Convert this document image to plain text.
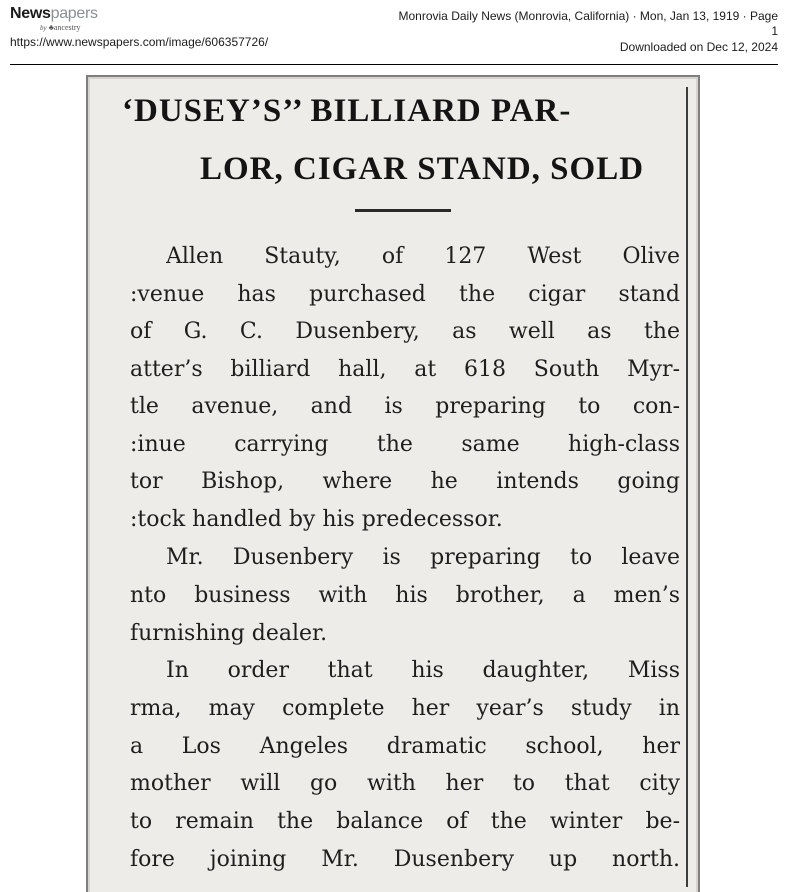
Newspapers
by ♣ancestry
https://www.newspapers.com/image/606357726/
Monrovia Daily News (Monrovia, California) · Mon, Jan 13, 1919 · Page
1
Downloaded on Dec 12, 2024
‘DUSEY’S’’ BILLIARD PAR-
LOR, CIGAR STAND, SOLD
Allen Stauty, of 127 West Olive
:venue has purchased the cigar stand
of G. C. Dusenbery, as well as the
atter’s billiard hall, at 618 South Myr-
tle avenue, and is preparing to con-
:inue carrying the same high-class
tor Bishop, where he intends going
:tock handled by his predecessor.
Mr. Dusenbery is preparing to leave
nto business with his brother, a men’s
furnishing dealer.
In order that his daughter, Miss
rma, may complete her year’s study in
a Los Angeles dramatic school, her
mother will go with her to that city
to remain the balance of the winter be-
fore joining Mr. Dusenbery up north.
